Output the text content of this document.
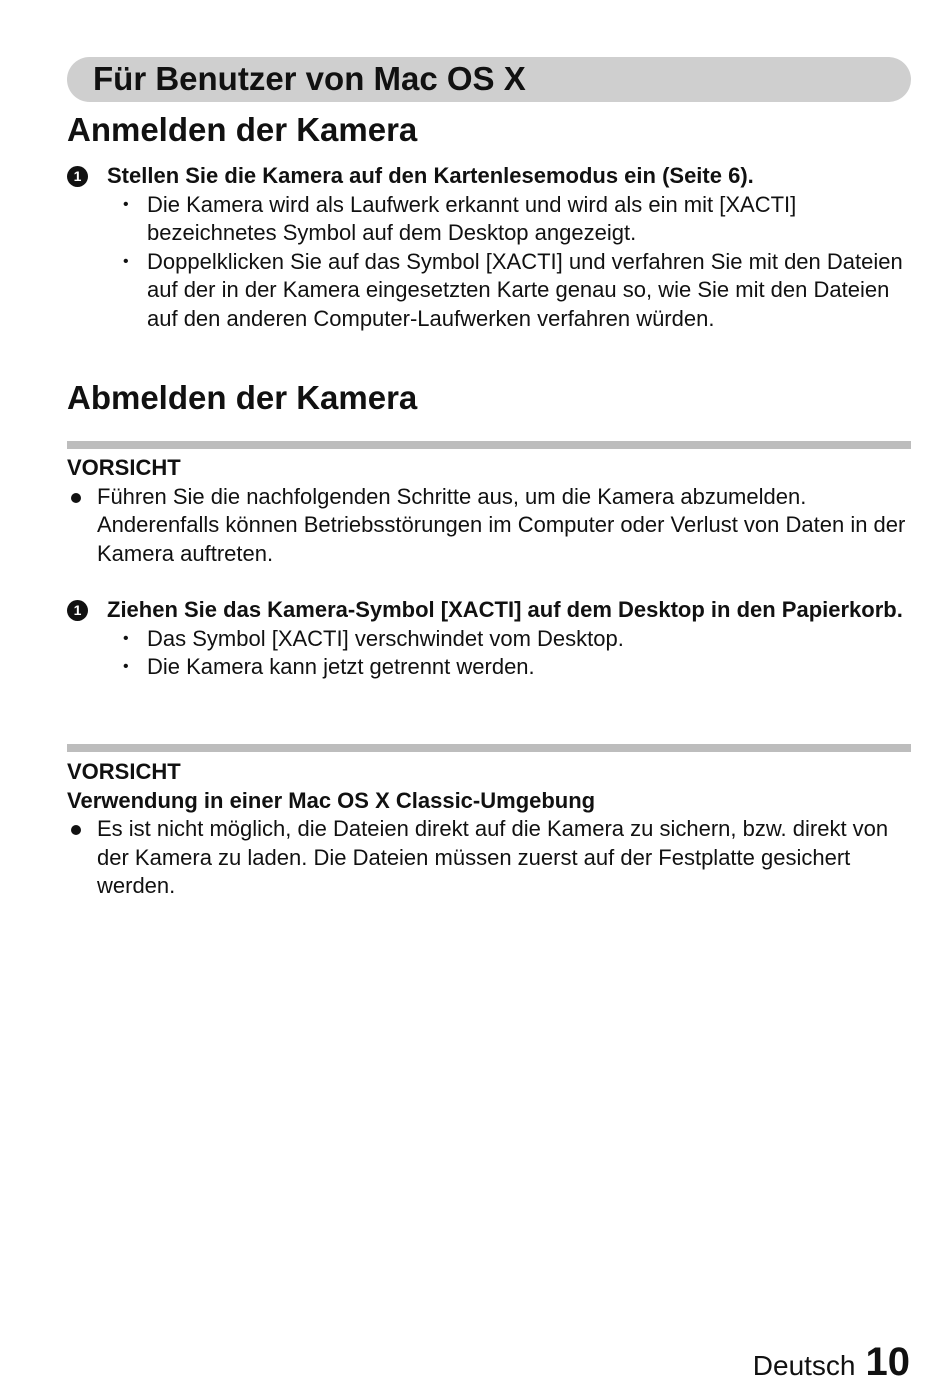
Für Benutzer von Mac OS X
Anmelden der Kamera
1	Stellen Sie die Kamera auf den Kartenlesemodus ein (Seite 6).
• Die Kamera wird als Laufwerk erkannt und wird als ein mit [XACTI] bezeichnetes Symbol auf dem Desktop angezeigt.
• Doppelklicken Sie auf das Symbol [XACTI] und verfahren Sie mit den Dateien auf der in der Kamera eingesetzten Karte genau so, wie Sie mit den Dateien auf den anderen Computer-Laufwerken verfahren würden.
Abmelden der Kamera
VORSICHT
Führen Sie die nachfolgenden Schritte aus, um die Kamera abzumelden. Anderenfalls können Betriebsstörungen im Computer oder Verlust von Daten in der Kamera auftreten.
1	Ziehen Sie das Kamera-Symbol [XACTI] auf dem Desktop in den Papierkorb.
• Das Symbol [XACTI] verschwindet vom Desktop.
• Die Kamera kann jetzt getrennt werden.
VORSICHT
Verwendung in einer Mac OS X Classic-Umgebung
Es ist nicht möglich, die Dateien direkt auf die Kamera zu sichern, bzw. direkt von der Kamera zu laden. Die Dateien müssen zuerst auf der Festplatte gesichert werden.
Deutsch 10
